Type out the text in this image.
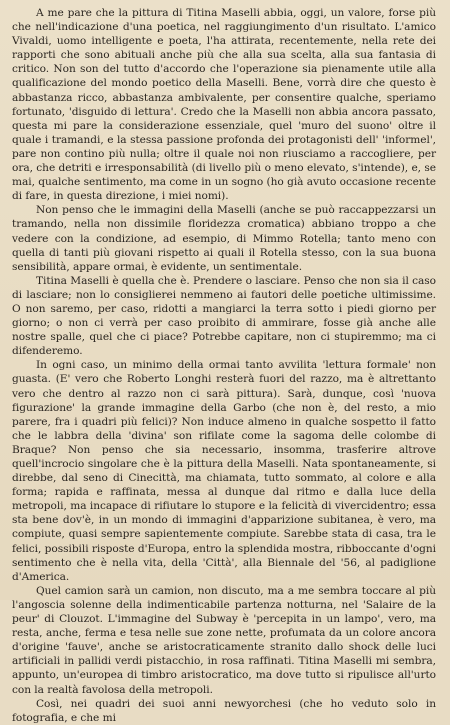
A me pare che la pittura di Titina Maselli abbia, oggi, un valore, forse più che nell'indicazione d'una poetica, nel raggiungimento d'un risultato. L'amico Vivaldi, uomo intelligente e poeta, l'ha attirata, recentemente, nella rete dei rapporti che sono abituali anche più che alla sua scelta, alla sua fantasia di critico. Non son del tutto d'accordo che l'operazione sia pienamente utile alla qualificazione del mondo poetico della Maselli. Bene, vorrà dire che questo è abbastanza ricco, abbastanza ambivalente, per consentire qualche, speriamo fortunato, 'disguido di lettura'. Credo che la Maselli non abbia ancora passato, questa mi pare la considerazione essenziale, quel 'muro del suono' oltre il quale i tramandi, e la stessa passione profonda dei protagonisti dell' 'informel', pare non contino più nulla; oltre il quale noi non riusciamo a raccogliere, per ora, che detriti e irresponsabilità (di livello più o meno elevato, s'intende), e, se mai, qualche sentimento, ma come in un sogno (ho già avuto occasione recente di fare, in questa direzione, i miei nomi).

Non penso che le immagini della Maselli (anche se può raccappezzarsi un tramando, nella non dissimile floridezza cromatica) abbiano troppo a che vedere con la condizione, ad esempio, di Mimmo Rotella; tanto meno con quella di tanti più giovani rispetto ai quali il Rotella stesso, con la sua buona sensibilità, appare ormai, è evidente, un sentimentale.

Titina Maselli è quella che è. Prendere o lasciare. Penso che non sia il caso di lasciare; non lo consiglierei nemmeno ai fautori delle poetiche ultimissime. O non saremo, per caso, ridotti a mangiarci la terra sotto i piedi giorno per giorno; o non ci verrà per caso proibito di ammirare, fosse già anche alle nostre spalle, quel che ci piace? Potrebbe capitare, non ci stupiremmo; ma ci difenderemo.

In ogni caso, un minimo della ormai tanto avvilita 'lettura formale' non guasta. (E' vero che Roberto Longhi resterà fuori del razzo, ma è altrettanto vero che dentro al razzo non ci sarà pittura). Sarà, dunque, così 'nuova figurazione' la grande immagine della Garbo (che non è, del resto, a mio parere, fra i quadri più felici)? Non induce almeno in qualche sospetto il fatto che le labbra della 'divina' son rifilate come la sagoma delle colombe di Braque? Non penso che sia necessario, insomma, trasferire altrove quell'incrocio singolare che è la pittura della Maselli. Nata spontaneamente, si direbbe, dal seno di Cinecittà, ma chiamata, tutto sommato, al colore e alla forma; rapida e raffinata, messa al dunque dal ritmo e dalla luce della metropoli, ma incapace di rifiutare lo stupore e la felicità di vivercidentro; essa sta bene dov'è, in un mondo di immagini d'apparizione subitanea, è vero, ma compiute, quasi sempre sapientemente compiute. Sarebbe stata di casa, tra le felici, possibili risposte d'Europa, entro la splendida mostra, ribboccante d'ogni sentimento che è nella vita, della 'Città', alla Biennale del '56, al padiglione d'America.

Quel camion sarà un camion, non discuto, ma a me sembra toccare al più l'angoscia solenne della indimenticabile partenza notturna, nel 'Salaire de la peur' di Clouzot. L'immagine del Subway è 'percepita in un lampo', vero, ma resta, anche, ferma e tesa nelle sue zone nette, profumata da un colore ancora d'origine 'fauve', anche se aristocraticamente stranito dallo shock delle luci artificiali in pallidi verdi pistacchio, in rosa raffinati. Titina Maselli mi sembra, appunto, un'europea di timbro aristocratico, ma dove tutto si ripulisce all'urto con la realtà favolosa della metropoli.

Così, nei quadri dei suoi anni newyorchesi (che ho veduto solo in fotografia, e che mi
